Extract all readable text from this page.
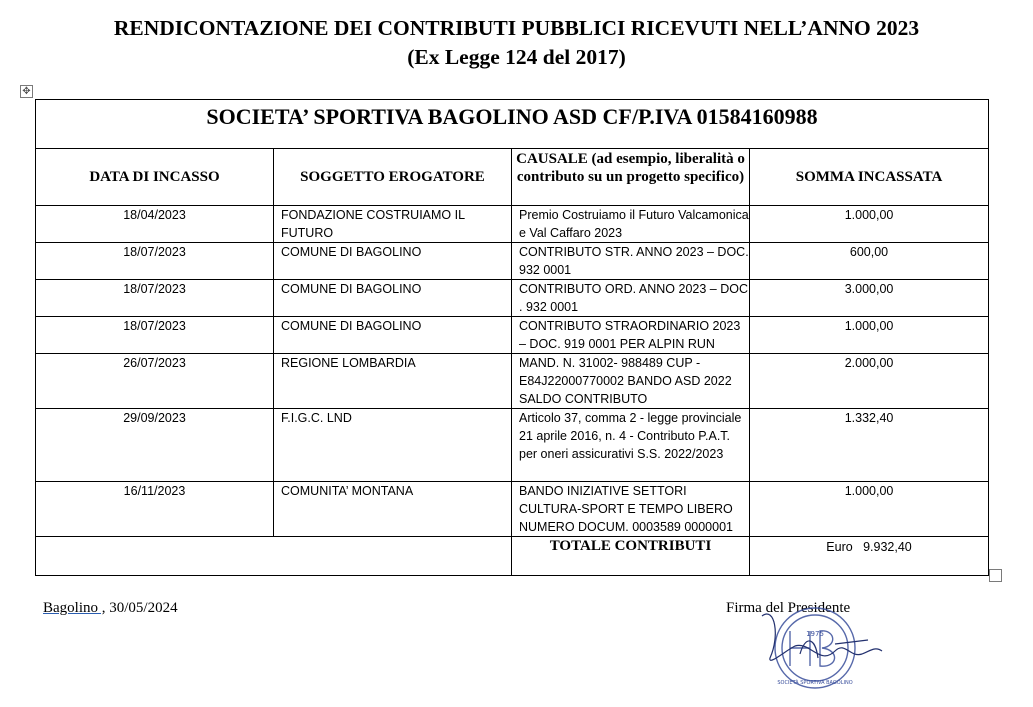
RENDICONTAZIONE DEI CONTRIBUTI PUBBLICI RICEVUTI NELL’ANNO 2023
(Ex Legge 124 del 2017)
✥
SOCIETA’ SPORTIVA BAGOLINO ASD CF/P.IVA 01584160988			
DATA DI INCASSO	SOGGETTO EROGATORE	CAUSALE (ad esempio, liberalità o contributo su un progetto specifico)	SOMMA INCASSATA
18/04/2023	FONDAZIONE COSTRUIAMO IL FUTURO	Premio Costruiamo il Futuro Valcamonica e Val Caffaro 2023	1.000,00
18/07/2023	COMUNE DI BAGOLINO	CONTRIBUTO STR. ANNO 2023 – DOC. 932 0001	600,00
18/07/2023	COMUNE DI BAGOLINO	CONTRIBUTO ORD. ANNO 2023 – DOC . 932 0001	3.000,00
18/07/2023	COMUNE DI BAGOLINO	CONTRIBUTO STRAORDINARIO 2023 – DOC. 919 0001 PER ALPIN RUN	1.000,00
26/07/2023	REGIONE LOMBARDIA	MAND. N. 31002- 988489 CUP - E84J22000770002 BANDO ASD 2022 SALDO CONTRIBUTO	2.000,00
29/09/2023	F.I.G.C. LND	Articolo 37, comma 2 - legge provinciale 21 aprile 2016, n. 4 - Contributo P.A.T. per oneri assicurativi S.S. 2022/2023	1.332,40
16/11/2023	COMUNITA’ MONTANA	BANDO INIZIATIVE SETTORI CULTURA-SPORT E TEMPO LIBERO NUMERO DOCUM. 0003589 0000001	1.000,00
		TOTALE CONTRIBUTI	Euro   9.932,40
Bagolino , 30/05/2024	Firma del Presidente
1975
SOCIETÀ SPORTIVA BAGOLINO
